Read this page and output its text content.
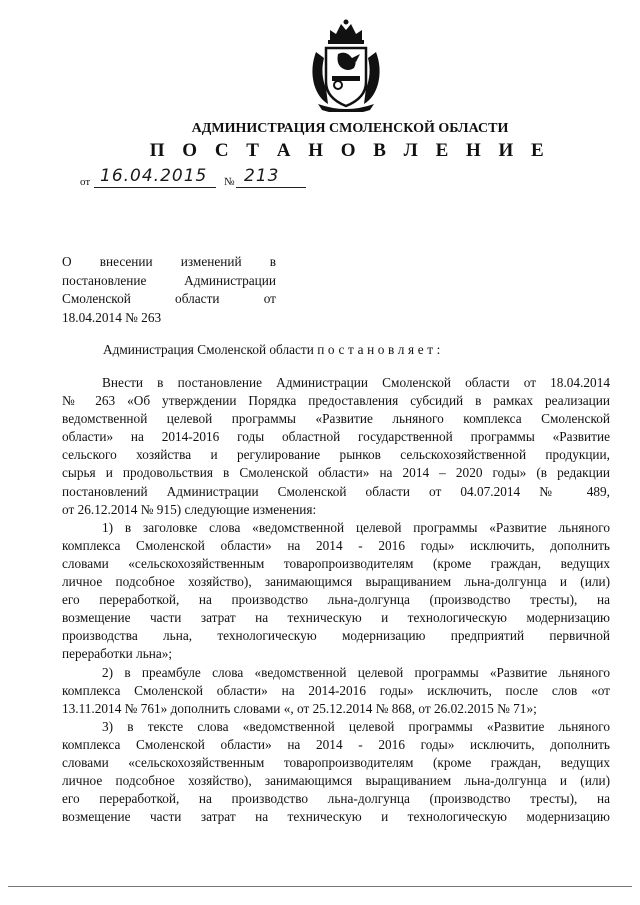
АДМИНИСТРАЦИЯ СМОЛЕНСКОЙ ОБЛАСТИ
П О С Т А Н О В Л Е Н И Е
от 16.04.2015 № 213
О внесении изменений в
постановление Администрации
Смоленской области от
18.04.2014 № 263
Администрация Смоленской области постановляет:
Внести в постановление Администрации Смоленской области от 18.04.2014
№ 263 «Об утверждении Порядка предоставления субсидий в рамках реализации
ведомственной целевой программы «Развитие льняного комплекса Смоленской
области» на 2014-2016 годы областной государственной программы «Развитие
сельского хозяйства и регулирование рынков сельскохозяйственной продукции,
сырья и продовольствия в Смоленской области» на 2014 – 2020 годы» (в редакции
постановлений Администрации Смоленской области от 04.07.2014 № 489,
от 26.12.2014 № 915) следующие изменения:
1) в заголовке слова «ведомственной целевой программы «Развитие льняного
комплекса Смоленской области» на 2014 - 2016 годы» исключить, дополнить
словами «сельскохозяйственным товаропроизводителям (кроме граждан, ведущих
личное подсобное хозяйство), занимающимся выращиванием льна-долгунца и (или)
его переработкой, на производство льна-долгунца (производство тресты), на
возмещение части затрат на техническую и технологическую модернизацию
производства льна, технологическую модернизацию предприятий первичной
переработки льна»;
2) в преамбуле слова «ведомственной целевой программы «Развитие льняного
комплекса Смоленской области» на 2014-2016 годы» исключить, после слов «от
13.11.2014 № 761» дополнить словами «, от 25.12.2014 № 868, от 26.02.2015 № 71»;
3) в тексте слова «ведомственной целевой программы «Развитие льняного
комплекса Смоленской области» на 2014 - 2016 годы» исключить, дополнить
словами «сельскохозяйственным товаропроизводителям (кроме граждан, ведущих
личное подсобное хозяйство), занимающимся выращиванием льна-долгунца и (или)
его переработкой, на производство льна-долгунца (производство тресты), на
возмещение части затрат на техническую и технологическую модернизацию
